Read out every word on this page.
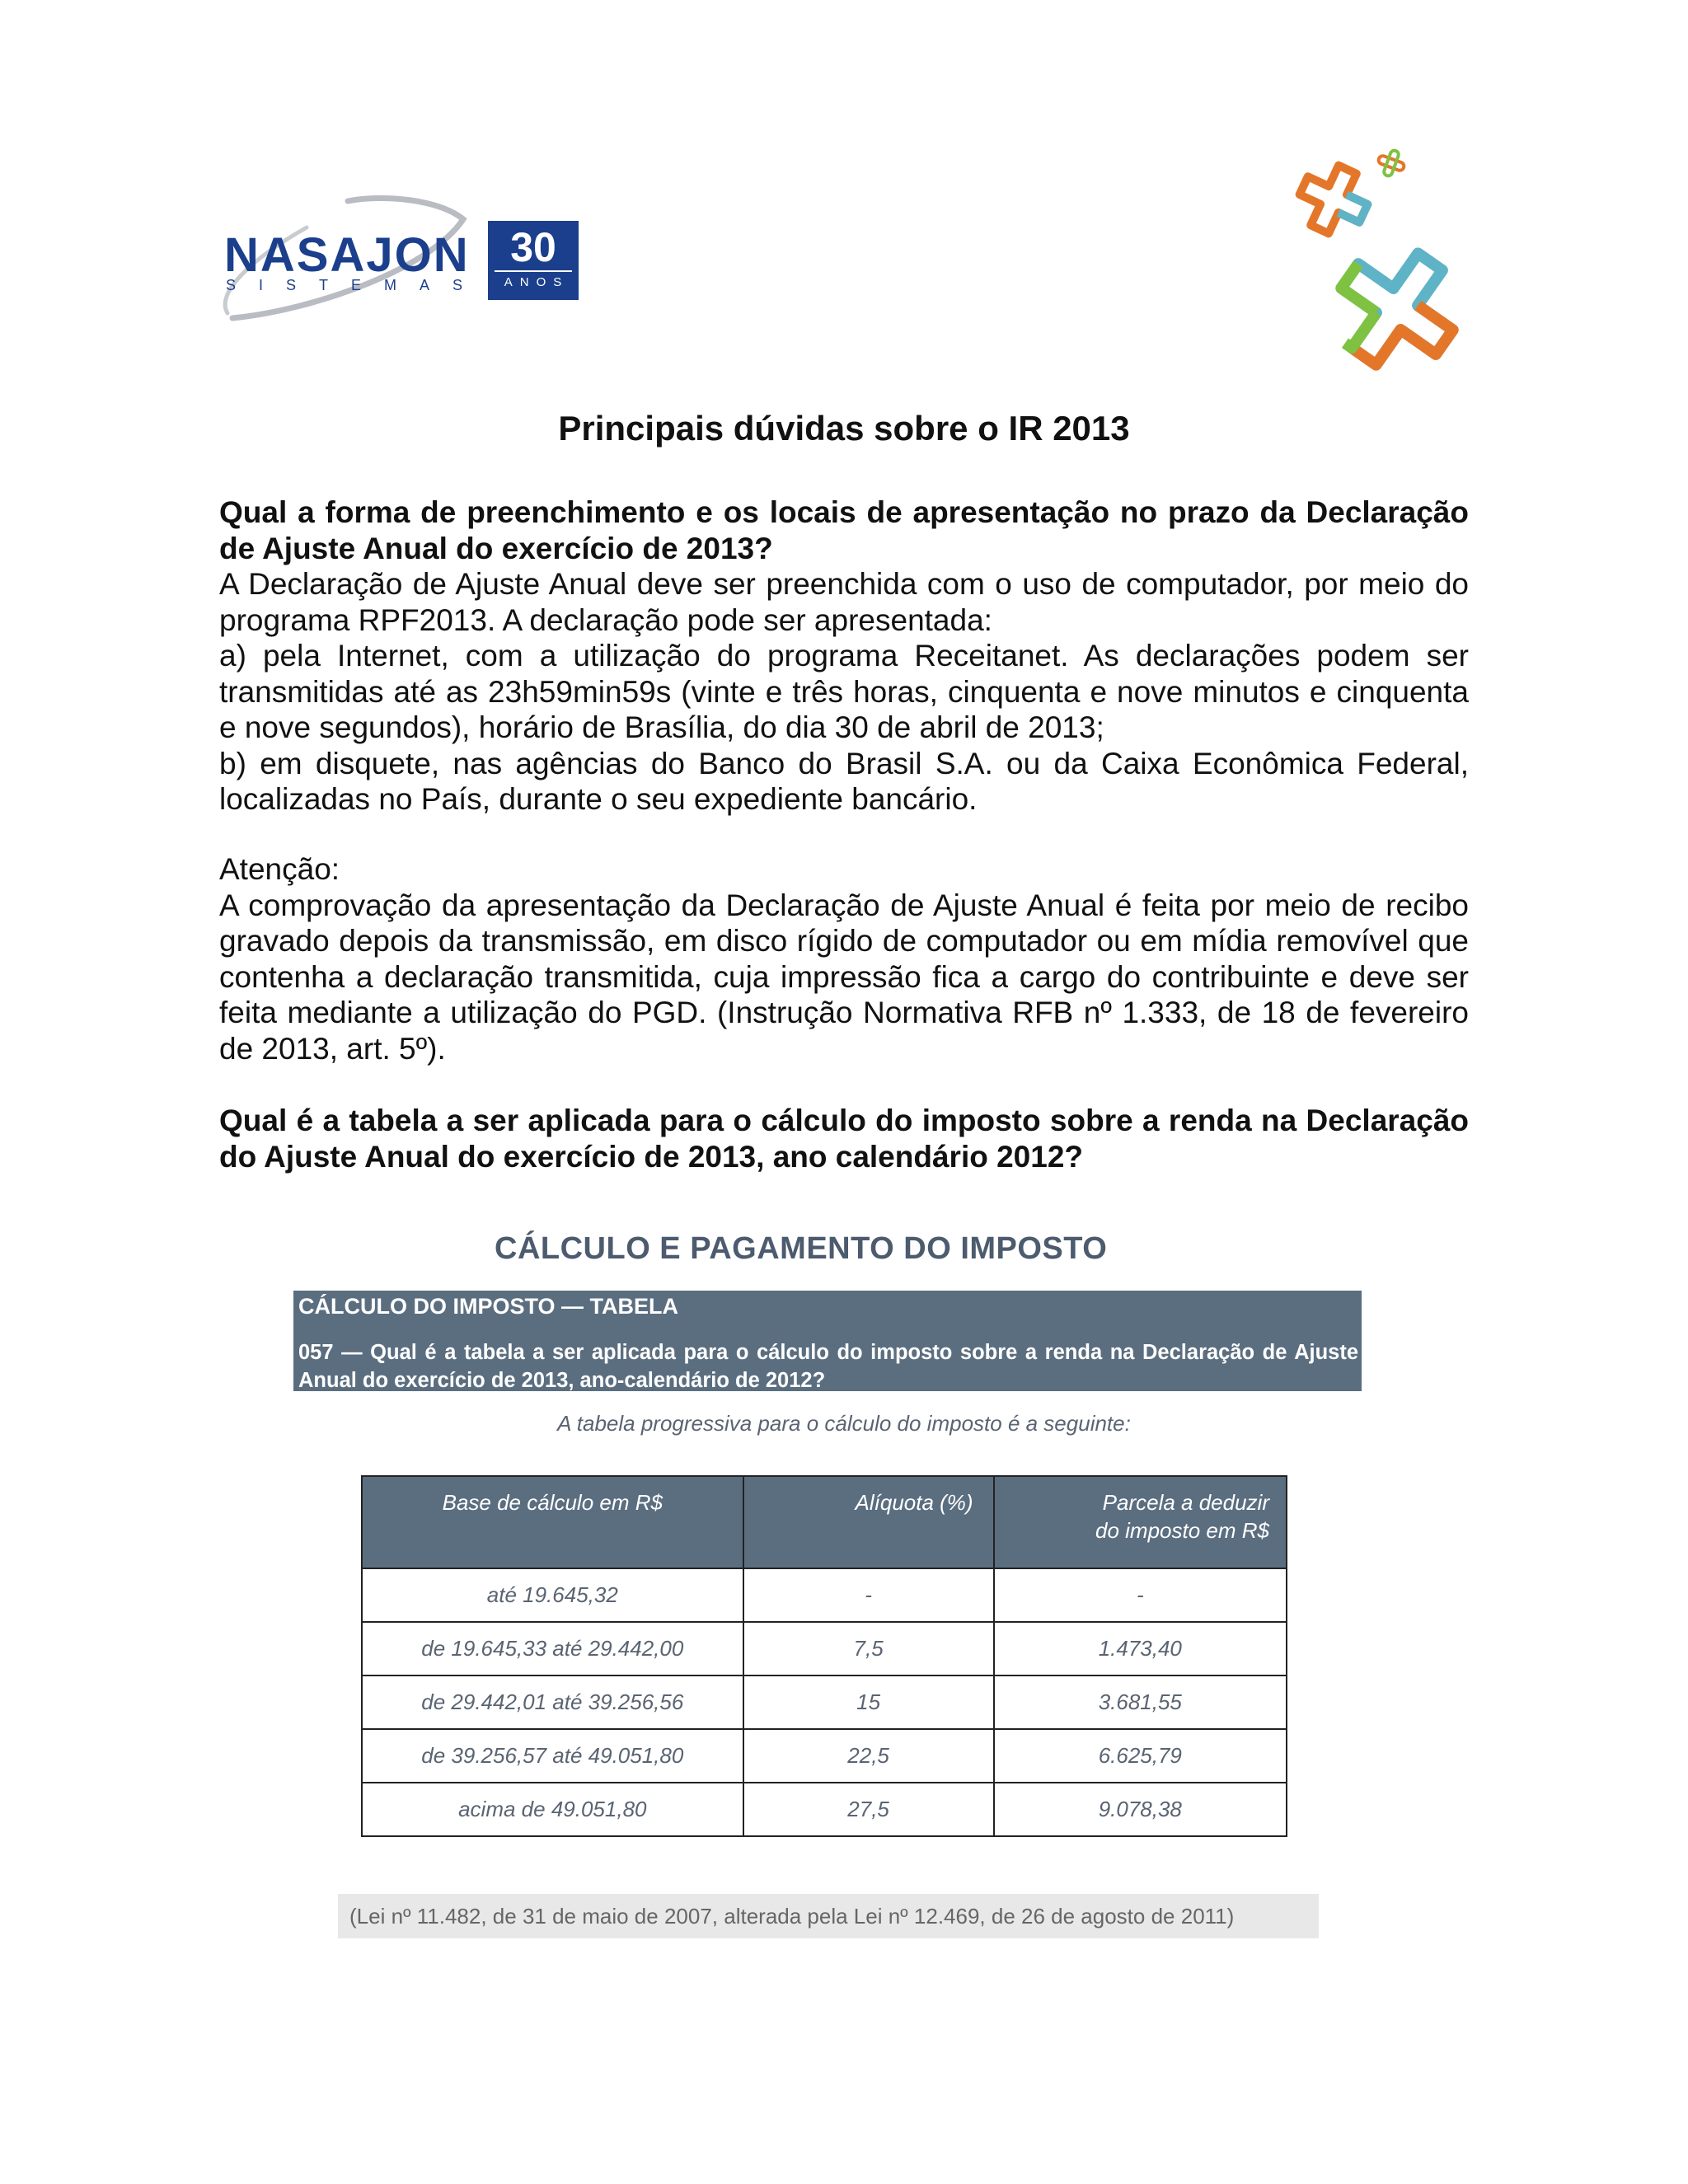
NASAJON
SISTEMAS
30
ANOS
Principais dúvidas sobre o IR 2013

Qual a forma de preenchimento e os locais de apresentação no prazo da Declaração de Ajuste Anual do exercício de 2013?

A Declaração de Ajuste Anual deve ser preenchida com o uso de computador, por meio do programa RPF2013. A declaração pode ser apresentada:

a) pela Internet, com a utilização do programa Receitanet. As declarações podem ser transmitidas até as 23h59min59s (vinte e três horas, cinquenta e nove minutos e cinquenta e nove segundos), horário de Brasília, do dia 30 de abril de 2013;

b) em disquete, nas agências do Banco do Brasil S.A. ou da Caixa Econômica Federal, localizadas no País, durante o seu expediente bancário.

Atenção:

A comprovação da apresentação da Declaração de Ajuste Anual é feita por meio de recibo gravado depois da transmissão, em disco rígido de computador ou em mídia removível que contenha a declaração transmitida, cuja impressão fica a cargo do contribuinte e deve ser feita mediante a utilização do PGD. (Instrução Normativa RFB nº 1.333, de 18 de fevereiro de 2013, art. 5º).

Qual é a tabela a ser aplicada para o cálculo do imposto sobre a renda na Declaração do Ajuste Anual do exercício de 2013, ano calendário 2012?

CÁLCULO E PAGAMENTO DO IMPOSTO
CÁLCULO DO IMPOSTO — TABELA
057 — Qual é a tabela a ser aplicada para o cálculo do imposto sobre a renda na Declaração de Ajuste Anual do exercício de 2013, ano-calendário de 2012?
A tabela progressiva para o cálculo do imposto é a seguinte:
Base de cálculo em R$	Alíquota (%)	Parcela a deduzir
do imposto em R$
até 19.645,32	-	-
de 19.645,33 até 29.442,00	7,5	1.473,40
de 29.442,01 até 39.256,56	15	3.681,55
de 39.256,57 até 49.051,80	22,5	6.625,79
acima de 49.051,80	27,5	9.078,38
(Lei nº 11.482, de 31 de maio de 2007, alterada pela Lei nº 12.469, de 26 de agosto de 2011)
